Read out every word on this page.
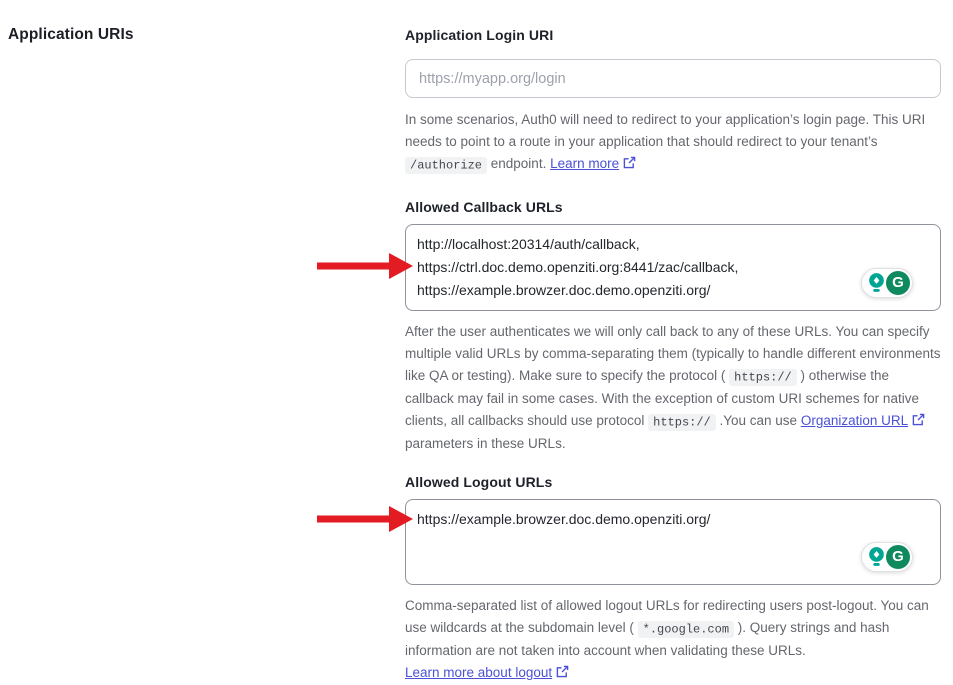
Application URIs	Application Login URI
https://myapp.org/login

In some scenarios, Auth0 will need to redirect to your application’s login page. This URI needs to point to a route in your application that should redirect to your tenant’s /authorize endpoint. Learn more

Allowed Callback URLs
http://localhost:20314/auth/callback, https://ctrl.doc.demo.openziti.org:8441/zac/callback, https://example.browzer.doc.demo.openziti.org/
G

After the user authenticates we will only call back to any of these URLs. You can specify multiple valid URLs by comma-separating them (typically to handle different environments like QA or testing). Make sure to specify the protocol ( https:// ) otherwise the callback may fail in some cases. With the exception of custom URI schemes for native clients, all callbacks should use protocol https:// .You can use Organization URL parameters in these URLs.

Allowed Logout URLs
https://example.browzer.doc.demo.openziti.org/
G

Comma-separated list of allowed logout URLs for redirecting users post-logout. You can use wildcards at the subdomain level ( *.google.com ). Query strings and hash information are not taken into account when validating these URLs.

Learn more about logout
